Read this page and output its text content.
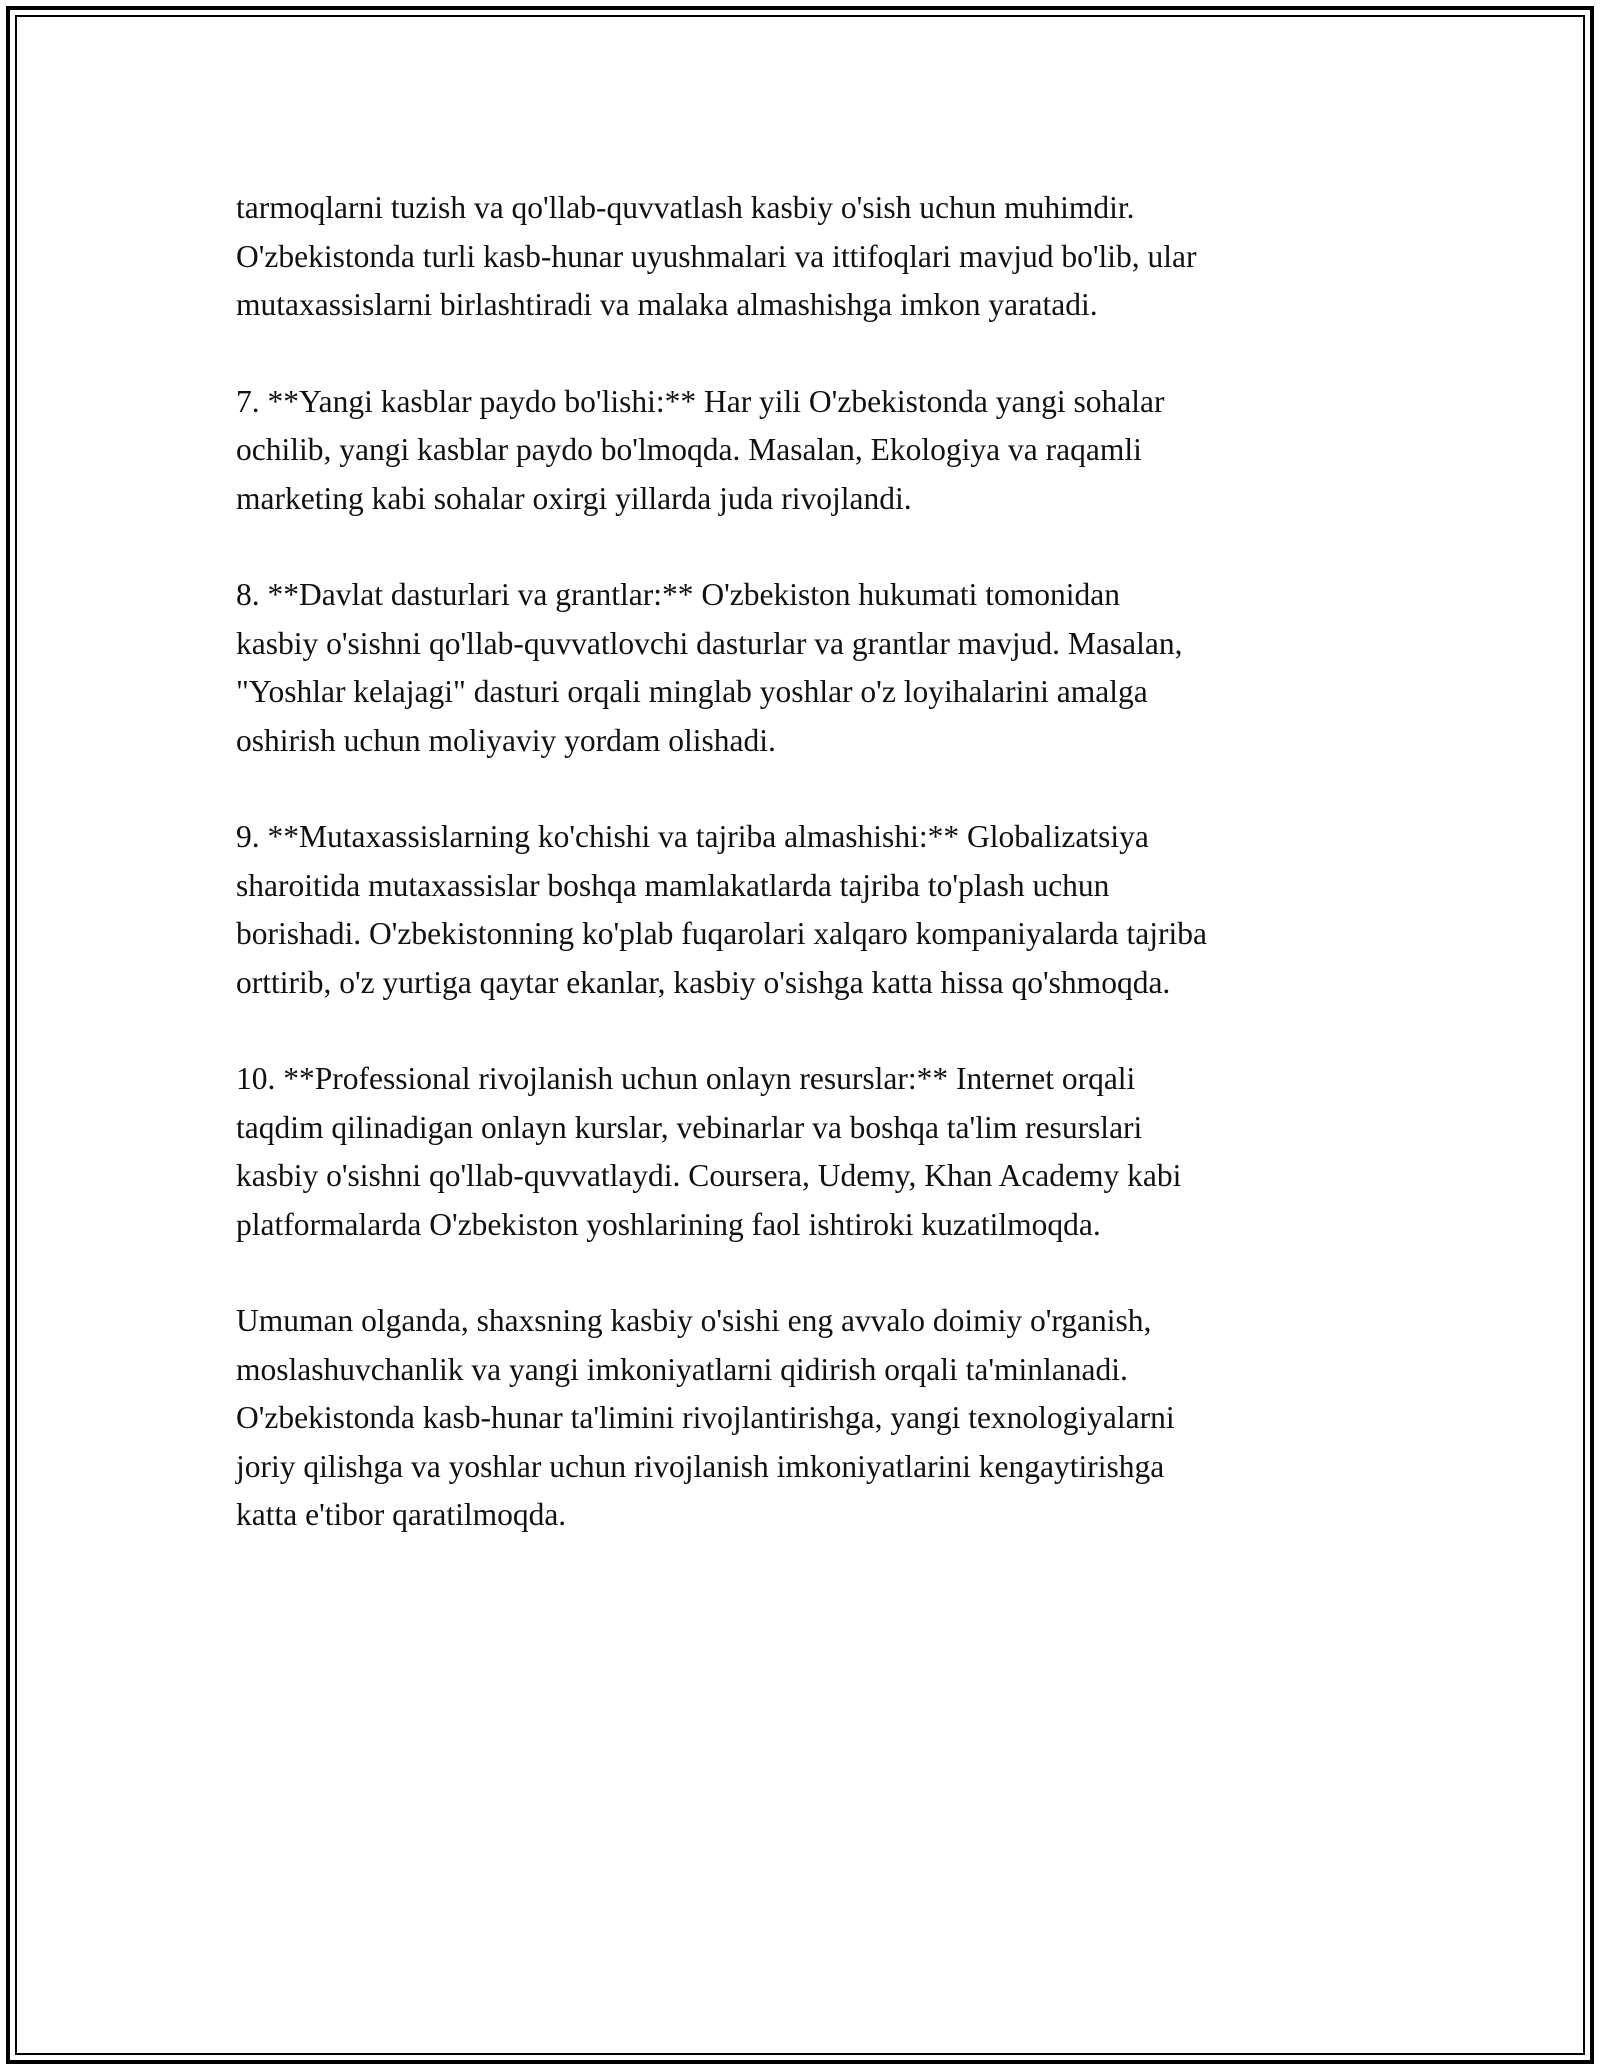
tarmoqlarni tuzish va qo'llab-quvvatlash kasbiy o'sish uchun muhimdir.
O'zbekistonda turli kasb-hunar uyushmalari va ittifoqlari mavjud bo'lib, ular
mutaxassislarni birlashtiradi va malaka almashishga imkon yaratadi.

7. **Yangi kasblar paydo bo'lishi:** Har yili O'zbekistonda yangi sohalar
ochilib, yangi kasblar paydo bo'lmoqda. Masalan, Ekologiya va raqamli
marketing kabi sohalar oxirgi yillarda juda rivojlandi.

8. **Davlat dasturlari va grantlar:** O'zbekiston hukumati tomonidan
kasbiy o'sishni qo'llab-quvvatlovchi dasturlar va grantlar mavjud. Masalan,
"Yoshlar kelajagi" dasturi orqali minglab yoshlar o'z loyihalarini amalga
oshirish uchun moliyaviy yordam olishadi.

9. **Mutaxassislarning ko'chishi va tajriba almashishi:** Globalizatsiya
sharoitida mutaxassislar boshqa mamlakatlarda tajriba to'plash uchun
borishadi. O'zbekistonning ko'plab fuqarolari xalqaro kompaniyalarda tajriba
orttirib, o'z yurtiga qaytar ekanlar, kasbiy o'sishga katta hissa qo'shmoqda.

10. **Professional rivojlanish uchun onlayn resurslar:** Internet orqali
taqdim qilinadigan onlayn kurslar, vebinarlar va boshqa ta'lim resurslari
kasbiy o'sishni qo'llab-quvvatlaydi. Coursera, Udemy, Khan Academy kabi
platformalarda O'zbekiston yoshlarining faol ishtiroki kuzatilmoqda.

Umuman olganda, shaxsning kasbiy o'sishi eng avvalo doimiy o'rganish,
moslashuvchanlik va yangi imkoniyatlarni qidirish orqali ta'minlanadi.
O'zbekistonda kasb-hunar ta'limini rivojlantirishga, yangi texnologiyalarni
joriy qilishga va yoshlar uchun rivojlanish imkoniyatlarini kengaytirishga
katta e'tibor qaratilmoqda.
